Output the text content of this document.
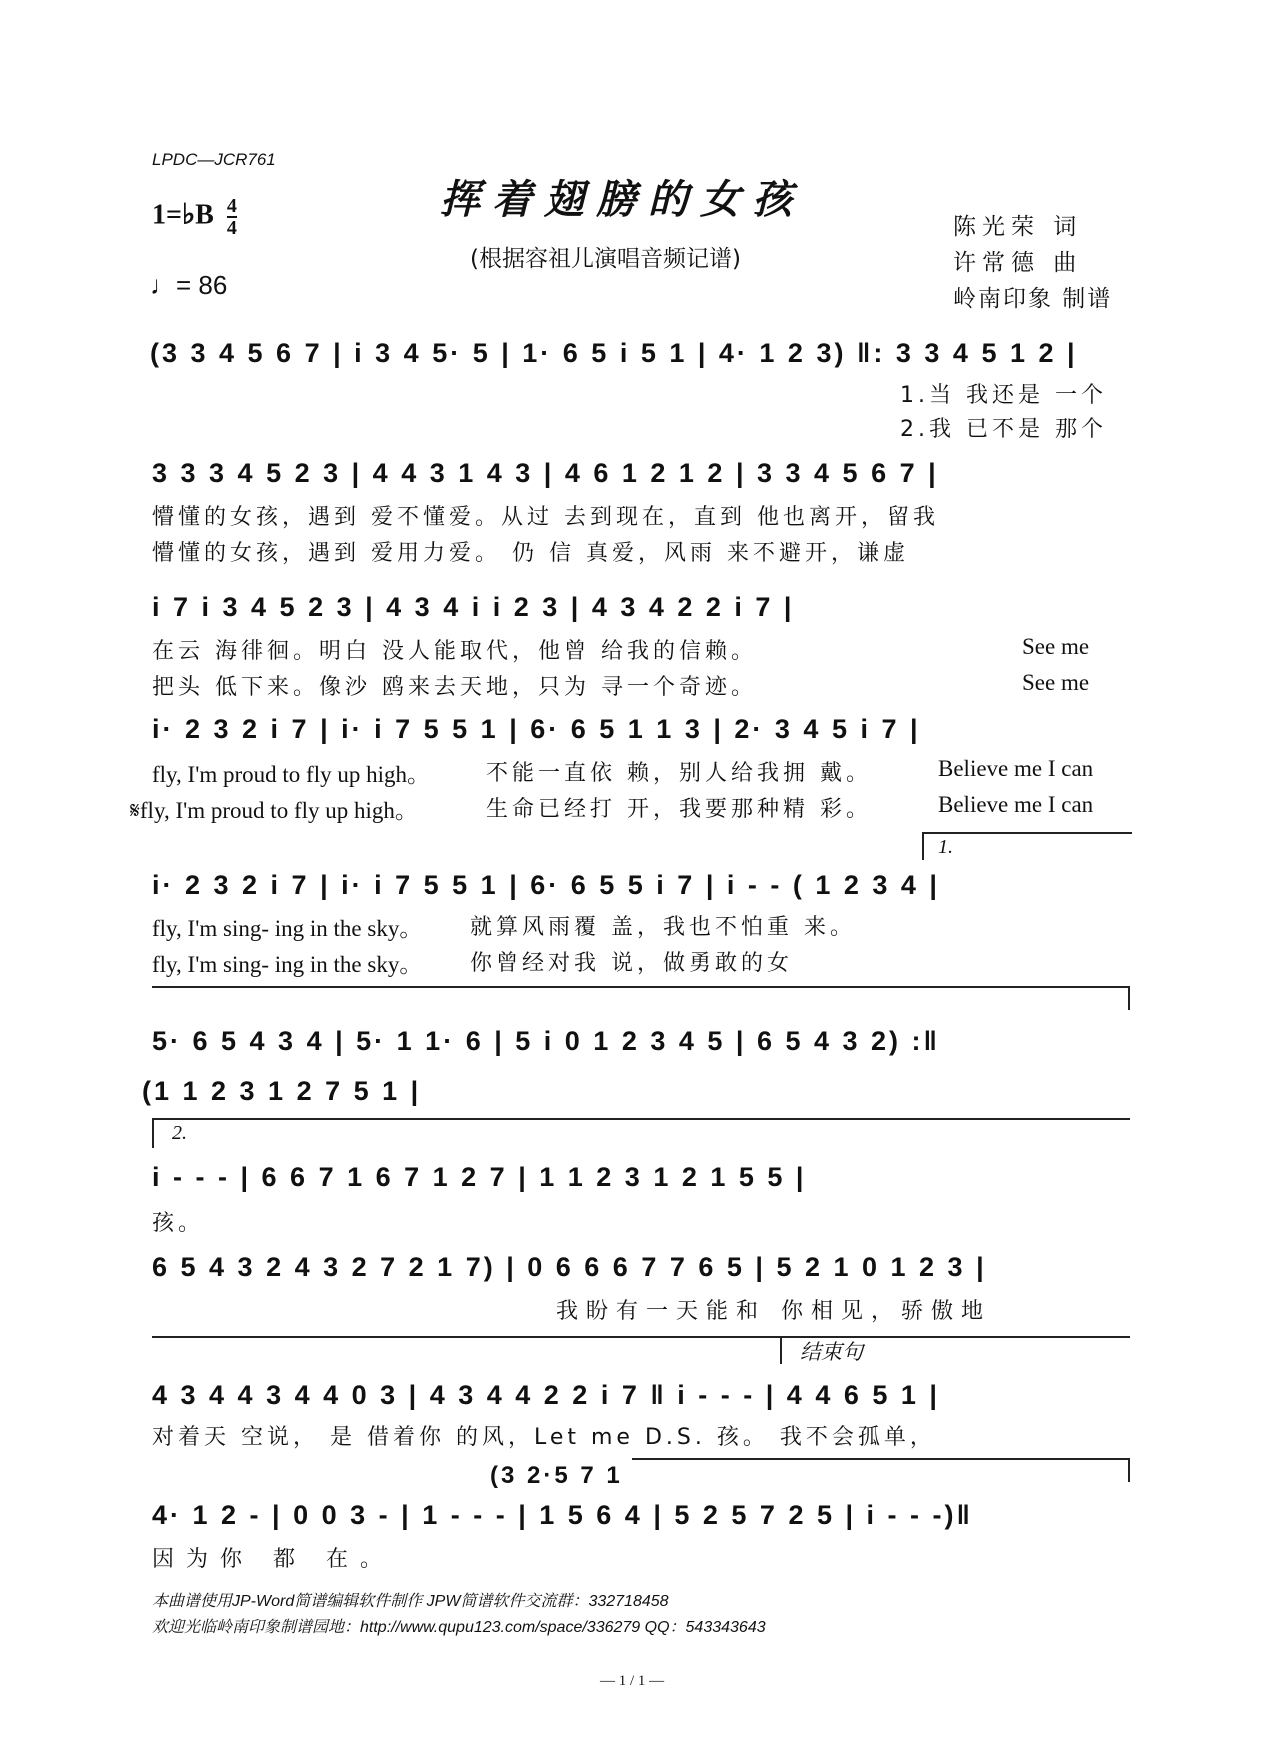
LPDC—JCR761
挥着翅膀的女孩
(根据容祖儿演唱音频记谱)
1=♭B $\frac{4}{4}$
♩= 86
陈光荣 词
许常德 曲
岭南印象 制谱
(3 3 4 5 6 7 | i 3 4 5· 5 | 1· 6 5 i 5 1 | 4· 1 2 3) ‖: 3 3 4 5 1 2 |
1.当 我还是 一个
2.我 已不是 那个
3 3 3 4 5 2 3 | 4 4 3 1 4 3 | 4 6 1 2 1 2 | 3 3 4 5 6 7 |
懵懂的女孩，遇到 爱不懂爱。从过 去到现在，直到 他也离开，留我
懵懂的女孩，遇到 爱用力爱。 仍 信 真爱，风雨 来不避开，谦虚
i 7 i 3 4 5 2 3 | 4 3 4 i i 2 3 | 4 3 4 2 2 i 7 |
在云 海徘徊。明白 没人能取代，他曾 给我的信赖。	See me
把头 低下来。像沙 鸥来去天地，只为 寻一个奇迹。	See me
i· 2 3 2 i 7 | i· i 7 5 5 1 | 6· 6 5 1 1 3 | 2· 3 4 5 i 7 |
fly, I'm proud to fly up high。	不能一直依 赖，别人给我拥 戴。	Believe me I can
𝄋fly, I'm proud to fly up high。	生命已经打 开，我要那种精 彩。	Believe me I can
1.
i· 2 3 2 i 7 | i· i 7 5 5 1 | 6· 6 5 5 i 7 | i - - ( 1 2 3 4 |
fly, I'm sing- ing in the sky。 就算风雨覆 盖，我也不怕重 来。
fly, I'm sing- ing in the sky。 你曾经对我 说，做勇敢的女
5· 6 5 4 3 4 | 5· 1 1· 6 | 5 i 0 1 2 3 4 5 | 6 5 4 3 2) :‖
(1 1 2 3 1 2 7 5 1 |
2.
i - - - | 6 6 7 1 6 7 1 2 7 | 1 1 2 3 1 2 1 5 5 |
孩。
6 5 4 3 2 4 3 2 7 2 1 7) | 0 6 6 6 7 7 6 5 | 5 2 1 0 1 2 3 |
我盼有一天能和 你相见，骄傲地
结束句
4 3 4 4 3 4 4 0 3 | 4 3 4 4 2 2 i 7 ‖ i - - - | 4 4 6 5 1 |
对着天 空说， 是 借着你 的风，Let me D.S. 孩。 我不会孤单，
(3 2·5 7 1
4· 1 2 - | 0 0 3 - | 1 - - - | 1 5 6 4 | 5 2 5 7 2 5 | i - - -)‖
因为你 都 在。
本曲谱使用JP-Word简谱编辑软件制作 JPW简谱软件交流群：332718458
欢迎光临岭南印象制谱园地：http://www.qupu123.com/space/336279 QQ：543343643
— 1 / 1 —
